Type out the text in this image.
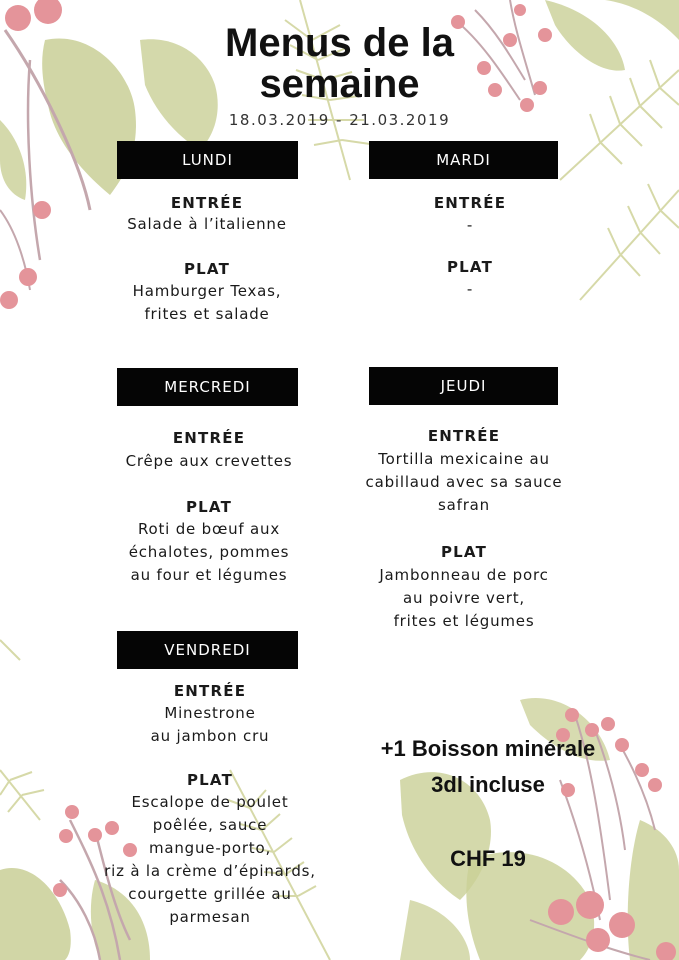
Menus de la
semaine
18.03.2019 - 21.03.2019
LUNDI
ENTRÉE
Salade à l’italienne
PLAT
Hamburger Texas,
frites et salade
MARDI
ENTRÉE
-
PLAT
-
MERCREDI
ENTRÉE
Crêpe aux crevettes
PLAT
Roti de bœuf aux
échalotes, pommes
au four et légumes
JEUDI
ENTRÉE
Tortilla mexicaine au
cabillaud avec sa sauce
safran
PLAT
Jambonneau de porc
au poivre vert,
frites et légumes
VENDREDI
ENTRÉE
Minestrone
au jambon cru
PLAT
Escalope de poulet
poêlée, sauce
mangue-porto,
riz à la crème d’épinards,
courgette grillée au
parmesan
+1 Boisson minérale
3dl incluse
CHF 19
